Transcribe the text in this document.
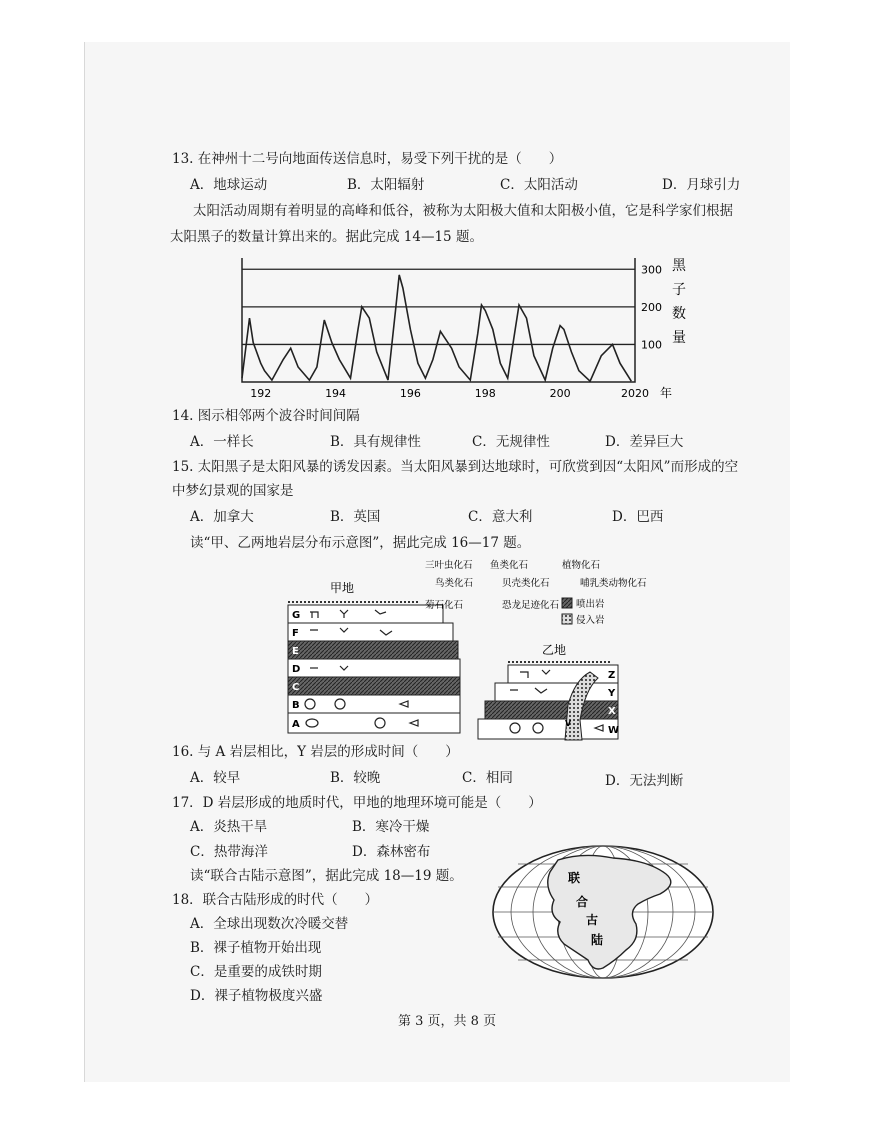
13. 在神州十二号向地面传送信息时，易受下列干扰的是（　　）
A．地球运动	B．太阳辐射	C．太阳活动	D．月球引力
太阳活动周期有着明显的高峰和低谷，被称为太阳极大值和太阳极小值，它是科学家们根据
太阳黑子的数量计算出来的。据此完成 14—15 题。
192	194	196	198	200	2020
100
200
300 黑
子
数
量
年
14. 图示相邻两个波谷时间间隔
A．一样长	B．具有规律性	C．无规律性	D．差异巨大
15. 太阳黑子是太阳风暴的诱发因素。当太阳风暴到达地球时，可欣赏到因“太阳风”而形成的空
中梦幻景观的国家是
A．加拿大	B．英国	C．意大利	D．巴西
读“甲、乙两地岩层分布示意图”，据此完成 16—17 题。
甲地
G
F
E
D
C
B
A
三叶虫化石 鱼类化石	植物化石
鸟类化石	贝壳类化石	哺乳类动物化石
菊石化石	恐龙足迹化石 喷出岩
侵入岩
乙地
Z
Y
X
W
V
16. 与 A 岩层相比，Y 岩层的形成时间（　　）
A．较早	B．较晚	C．相同	D．无法判断
17．D 岩层形成的地质时代，甲地的地理环境可能是（　　）
A．炎热干旱	B．寒冷干燥
C．热带海洋	D．森林密布
读“联合古陆示意图”，据此完成 18—19 题。
18．联合古陆形成的时代（　　）
A．全球出现数次冷暖交替
B．裸子植物开始出现
C．是重要的成铁时期
D．裸子植物极度兴盛
联
合
古
陆
第 3 页，共 8 页
